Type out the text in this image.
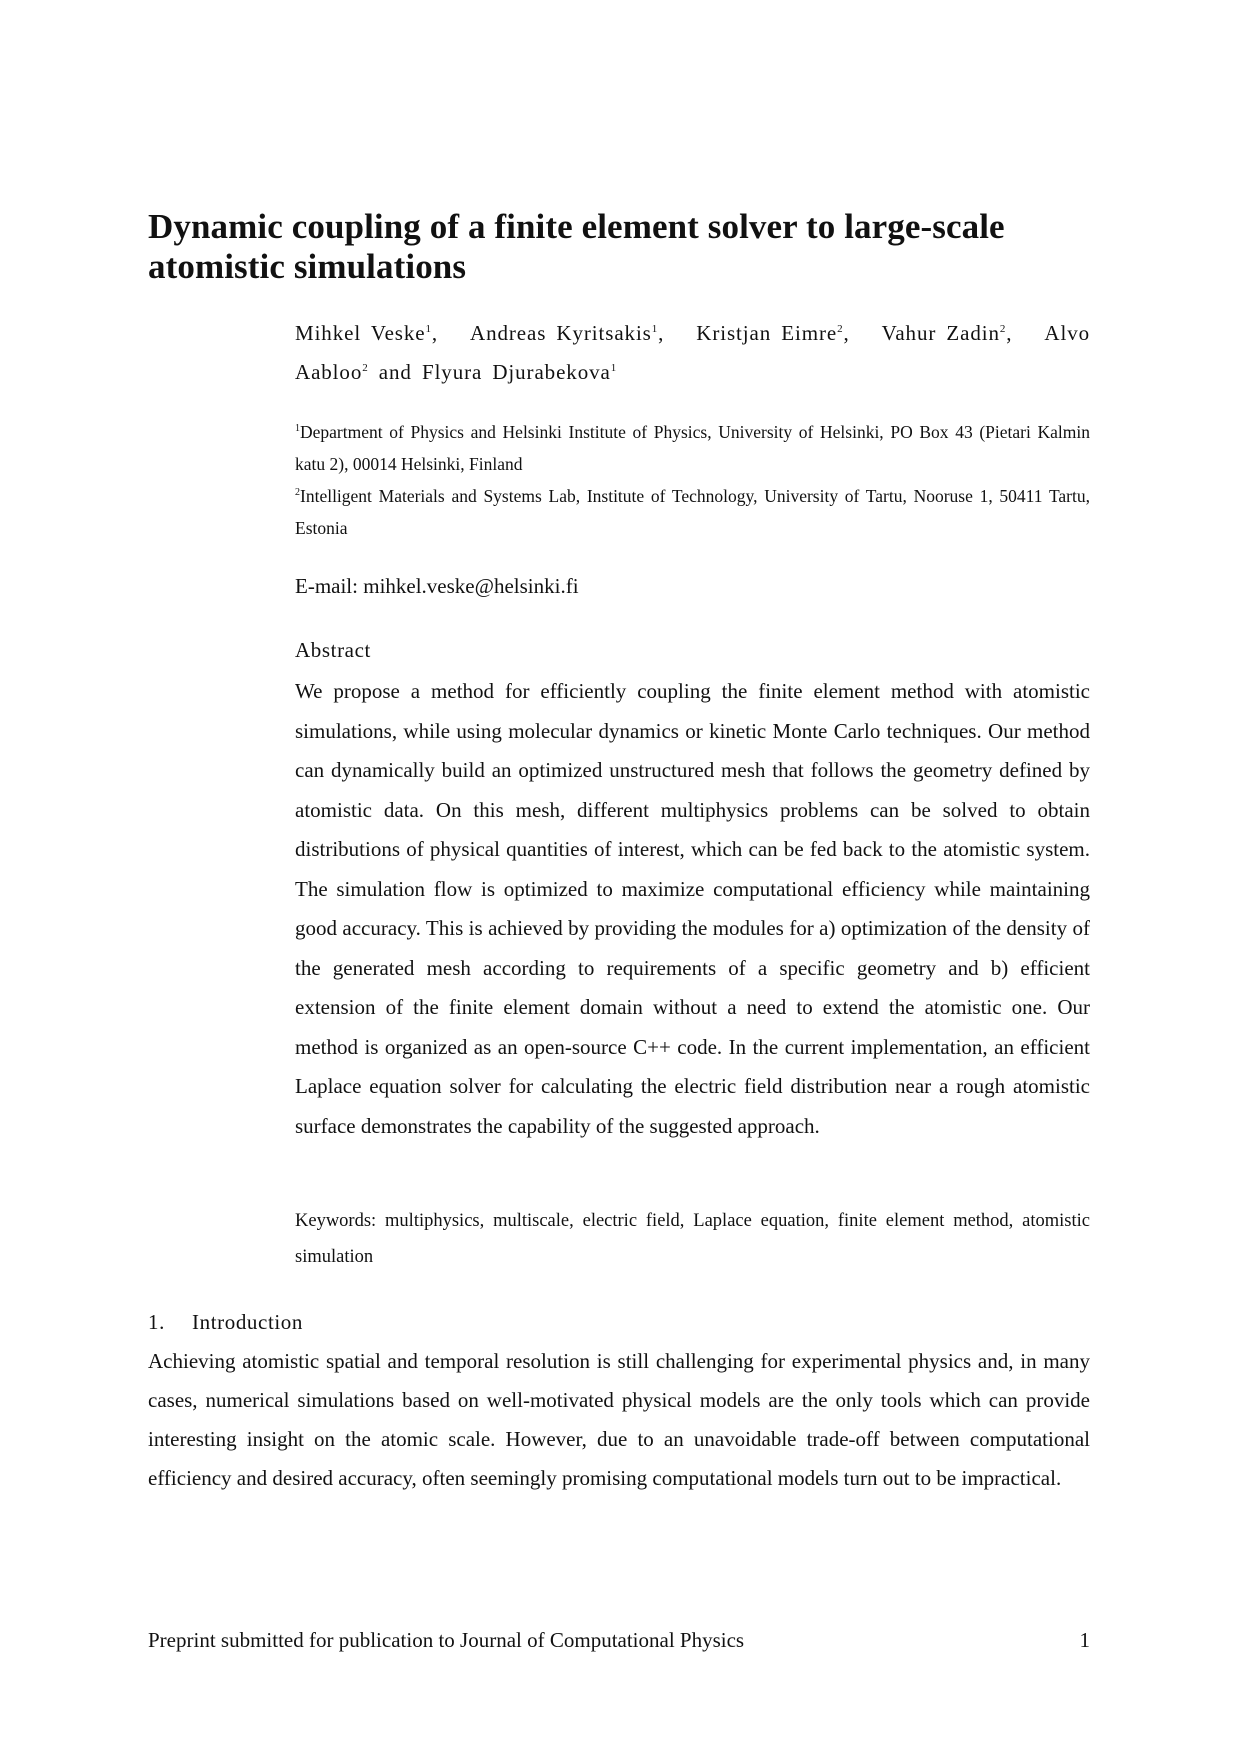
Dynamic coupling of a finite element solver to large-scale atomistic simulations
Mihkel Veske$^1$, Andreas Kyritsakis$^1$, Kristjan Eimre$^2$, Vahur Zadin$^2$, Alvo
Aabloo$^2$ and Flyura Djurabekova$^1$
$^1$Department of Physics and Helsinki Institute of Physics, University of Helsinki, PO Box 43 (Pietari Kalmin katu 2), 00014 Helsinki, Finland
$^2$Intelligent Materials and Systems Lab, Institute of Technology, University of Tartu, Nooruse 1, 50411 Tartu, Estonia
E-mail: mihkel.veske@helsinki.fi
Abstract

We propose a method for efficiently coupling the finite element method with atomistic simulations, while using molecular dynamics or kinetic Monte Carlo techniques. Our method can dynamically build an optimized unstructured mesh that follows the geometry defined by atomistic data. On this mesh, different multiphysics problems can be solved to obtain distributions of physical quantities of interest, which can be fed back to the atomistic system. The simulation flow is optimized to maximize computational efficiency while maintaining good accuracy. This is achieved by providing the modules for a) optimization of the density of the generated mesh according to requirements of a specific geometry and b) efficient extension of the finite element domain without a need to extend the atomistic one. Our method is organized as an open-source C++ code. In the current implementation, an efficient Laplace equation solver for calculating the electric field distribution near a rough atomistic surface demonstrates the capability of the suggested approach.

Keywords: multiphysics, multiscale, electric field, Laplace equation, finite element method, atomistic simulation

1. Introduction

Achieving atomistic spatial and temporal resolution is still challenging for experimental physics and, in many cases, numerical simulations based on well-motivated physical models are the only tools which can provide interesting insight on the atomic scale. However, due to an unavoidable trade-off between computational efficiency and desired accuracy, often seemingly promising computational models turn out to be impractical.

Preprint submitted for publication to Journal of Computational Physics	1
